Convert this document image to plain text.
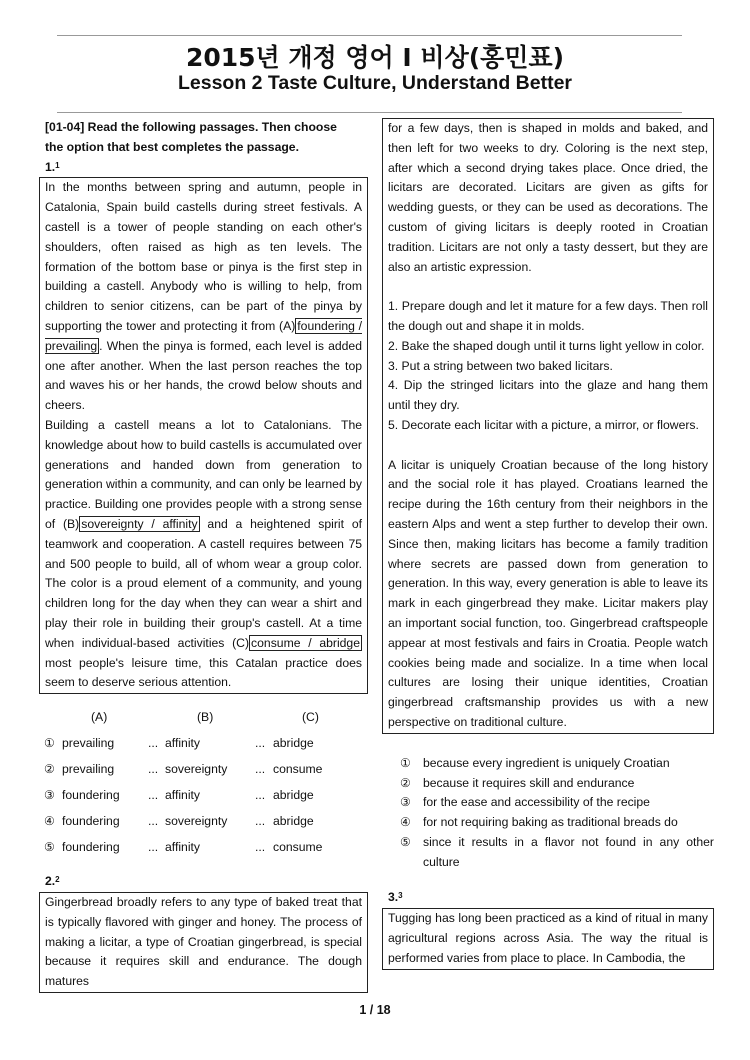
2015년 개정 영어 I 비상(홍민표)
Lesson 2 Taste Culture, Understand Better
[01-04] Read the following passages. Then choose the option that best completes the passage.
1.$^1$
In the months between spring and autumn, people in Catalonia, Spain build castells during street festivals. A castell is a tower of people standing on each other's shoulders, often raised as high as ten levels. The formation of the bottom base or pinya is the first step in building a castell. Anybody who is willing to help, from children to senior citizens, can be part of the pinya by supporting the tower and protecting it from (A) foundering / prevailing . When the pinya is formed, each level is added one after another. When the last person reaches the top and waves his or her hands, the crowd below shouts and cheers.
Building a castell means a lot to Catalonians. The knowledge about how to build castells is accumulated over generations and handed down from generation to generation within a community, and can only be learned by practice. Building one provides people with a strong sense of (B) sovereignty / affinity and a heightened spirit of teamwork and cooperation. A castell requires between 75 and 500 people to build, all of whom wear a group color. The color is a proud element of a community, and young children long for the day when they can wear a shirt and play their role in building their group's castell. At a time when individual-based activities (C) consume / abridge most people's leisure time, this Catalan practice does seem to deserve serious attention.
(A)	(B)	(C)
① prevailing	... affinity	... abridge
② prevailing	... sovereignty ... consume
③ foundering ... affinity	... abridge
④ foundering ... sovereignty ... abridge
⑤ foundering ... affinity	... consume
2.$^2$
Gingerbread broadly refers to any type of baked treat that is typically flavored with ginger and honey. The process of making a licitar, a type of Croatian gingerbread, is special because it requires skill and endurance. The dough matures
for a few days, then is shaped in molds and baked, and then left for two weeks to dry. Coloring is the next step, after which a second drying takes place. Once dried, the licitars are decorated. Licitars are given as gifts for wedding guests, or they can be used as decorations. The custom of giving licitars is deeply rooted in Croatian tradition. Licitars are not only a tasty dessert, but they are also an artistic expression.
1. Prepare dough and let it mature for a few days. Then roll the dough out and shape it in molds.
2. Bake the shaped dough until it turns light yellow in color.
3. Put a string between two baked licitars.
4. Dip the stringed licitars into the glaze and hang them until they dry.
5. Decorate each licitar with a picture, a mirror, or flowers.
A licitar is uniquely Croatian because of the long history and the social role it has played. Croatians learned the recipe during the 16th century from their neighbors in the eastern Alps and went a step further to develop their own. Since then, making licitars has become a family tradition where secrets are passed down from generation to generation. In this way, every generation is able to leave its mark in each gingerbread they make. Licitar makers play an important social function, too. Gingerbread craftspeople appear at most festivals and fairs in Croatia. People watch cookies being made and socialize. In a time when local cultures are losing their unique identities, Croatian gingerbread craftsmanship provides us with a new perspective on traditional culture.
① because every ingredient is uniquely Croatian
② because it requires skill and endurance
③ for the ease and accessibility of the recipe
④ for not requiring baking as traditional breads do
⑤ since it results in a flavor not found in any other culture
3.$^3$
Tugging has long been practiced as a kind of ritual in many agricultural regions across Asia. The way the ritual is performed varies from place to place. In Cambodia, the
1 / 18
